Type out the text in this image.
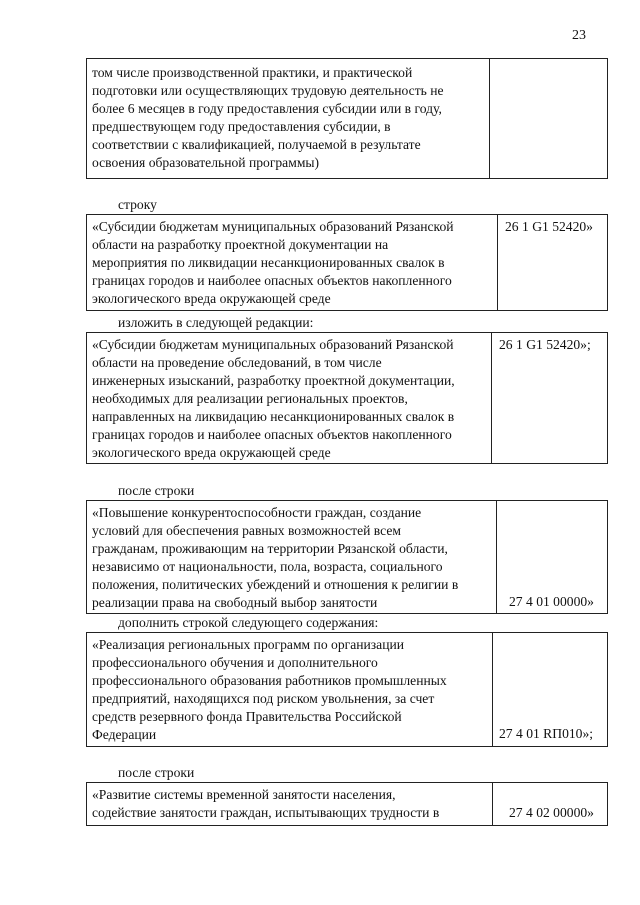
23
том числе производственной практики, и практической
подготовки или осуществляющих трудовую деятельность не
более 6 месяцев в году предоставления субсидии или в году,
предшествующем году предоставления субсидии, в
соответствии с квалификацией, получаемой в результате
освоения образовательной программы)
строку
«Субсидии бюджетам муниципальных образований Рязанской
области на разработку проектной документации на
мероприятия по ликвидации несанкционированных свалок в
границах городов и наиболее опасных объектов накопленного
экологического вреда окружающей среде
26 1 G1 52420»
изложить в следующей редакции:
«Субсидии бюджетам муниципальных образований Рязанской
области на проведение обследований, в том числе
инженерных изысканий, разработку проектной документации,
необходимых для реализации региональных проектов,
направленных на ликвидацию несанкционированных свалок в
границах городов и наиболее опасных объектов накопленного
экологического вреда окружающей среде
26 1 G1 52420»;
после строки
«Повышение конкурентоспособности граждан, создание
условий для обеспечения равных возможностей всем
гражданам, проживающим на территории Рязанской области,
независимо от национальности, пола, возраста, социального
положения, политических убеждений и отношения к религии в
реализации права на свободный выбор занятости	27 4 01 00000»
дополнить строкой следующего содержания:
«Реализация региональных программ по организации
профессионального обучения и дополнительного
профессионального образования работников промышленных
предприятий, находящихся под риском увольнения, за счет
средств резервного фонда Правительства Российской
Федерации	27 4 01 RП010»;
после строки
«Развитие системы временной занятости населения,
содействие занятости граждан, испытывающих трудности в	27 4 02 00000»
